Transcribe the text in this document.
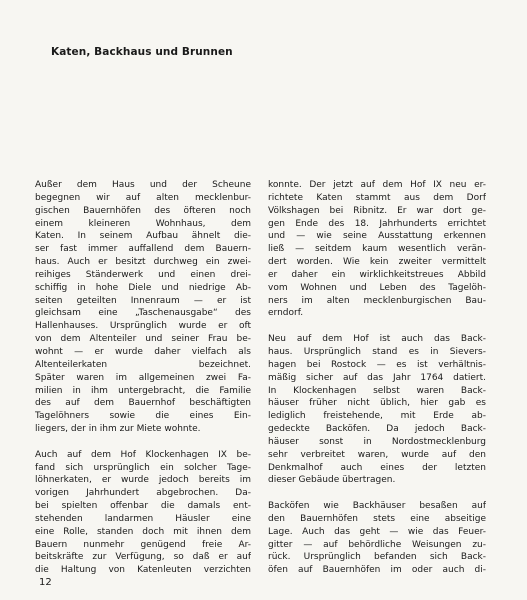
Katen, Backhaus und Brunnen
Außer dem Haus und der Scheune
begegnen wir auf alten mecklenbur-
gischen Bauernhöfen des öfteren noch
einem kleineren Wohnhaus, dem
Katen. In seinem Aufbau ähnelt die-
ser fast immer auffallend dem Bauern-
haus. Auch er besitzt durchweg ein zwei-
reihiges Ständerwerk und einen drei-
schiffig in hohe Diele und niedrige Ab-
seiten geteilten Innenraum — er ist
gleichsam eine „Taschenausgabe“ des
Hallenhauses. Ursprünglich wurde er oft
von dem Altenteiler und seiner Frau be-
wohnt — er wurde daher vielfach als
Altenteilerkaten bezeichnet.
Später waren im allgemeinen zwei Fa-
milien in ihm untergebracht, die Familie
des auf dem Bauernhof beschäftigten
Tagelöhners sowie die eines Ein-
liegers, der in ihm zur Miete wohnte.
Auch auf dem Hof Klockenhagen IX be-
fand sich ursprünglich ein solcher Tage-
löhnerkaten, er wurde jedoch bereits im
vorigen Jahrhundert abgebrochen. Da-
bei spielten offenbar die damals ent-
stehenden landarmen Häusler eine
eine Rolle, standen doch mit ihnen dem
Bauern nunmehr genügend freie Ar-
beitskräfte zur Verfügung, so daß er auf
die Haltung von Katenleuten verzichten
konnte. Der jetzt auf dem Hof IX neu er-
richtete Katen stammt aus dem Dorf
Völkshagen bei Ribnitz. Er war dort ge-
gen Ende des 18. Jahrhunderts errichtet
und — wie seine Ausstattung erkennen
ließ — seitdem kaum wesentlich verän-
dert worden. Wie kein zweiter vermittelt
er daher ein wirklichkeitstreues Abbild
vom Wohnen und Leben des Tagelöh-
ners im alten mecklenburgischen Bau-
erndorf.
Neu auf dem Hof ist auch das Back-
haus. Ursprünglich stand es in Sievers-
hagen bei Rostock — es ist verhältnis-
mäßig sicher auf das Jahr 1764 datiert.
In Klockenhagen selbst waren Back-
häuser früher nicht üblich, hier gab es
lediglich freistehende, mit Erde ab-
gedeckte Backöfen. Da jedoch Back-
häuser sonst in Nordostmecklenburg
sehr verbreitet waren, wurde auf den
Denkmalhof auch eines der letzten
dieser Gebäude übertragen.
Backöfen wie Backhäuser besaßen auf
den Bauernhöfen stets eine abseitige
Lage. Auch das geht — wie das Feuer-
gitter — auf behördliche Weisungen zu-
rück. Ursprünglich befanden sich Back-
öfen auf Bauernhöfen im oder auch di-
12
